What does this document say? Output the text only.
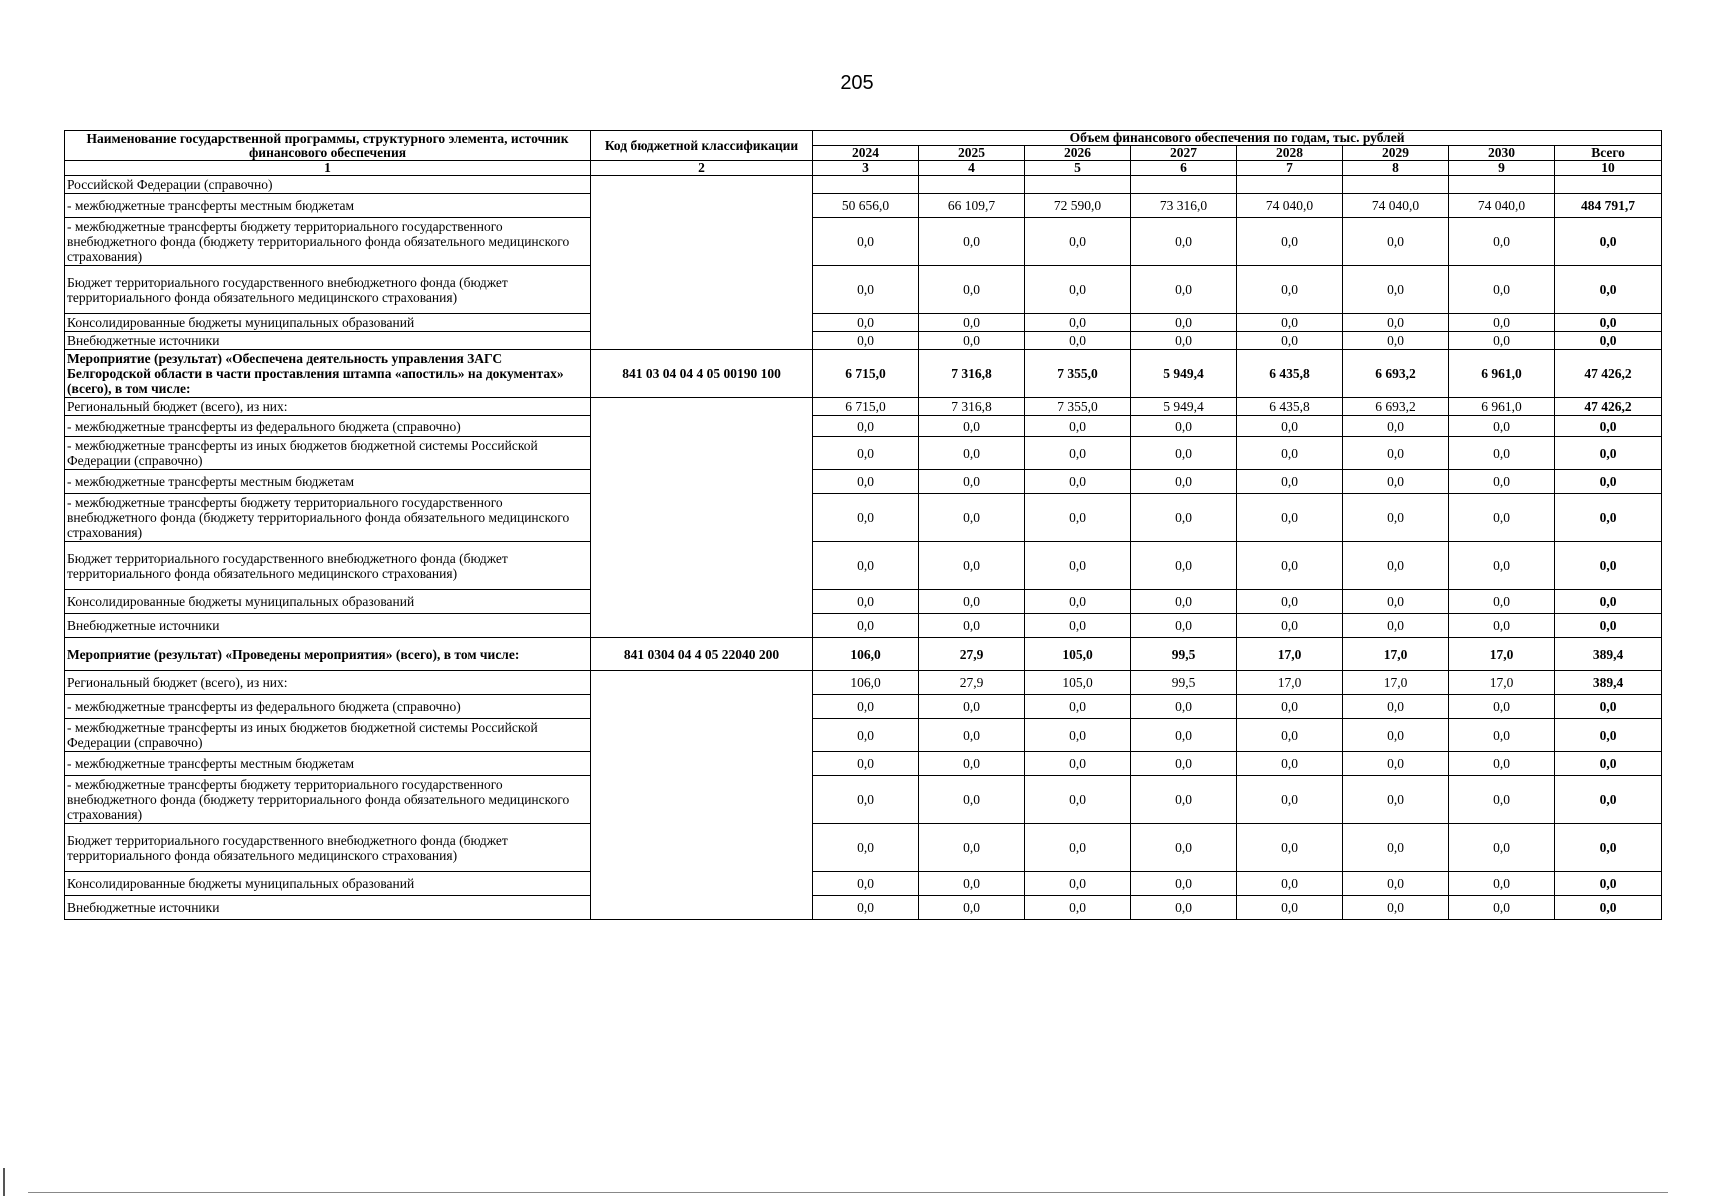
205
Наименование государственной программы, структурного элемента, источник финансового обеспечения	Код бюджетной классификации	Объем финансового обеспечения по годам, тыс. рублей							
		2024	2025	2026	2027	2028	2029	2030	Всего
1	2	3	4	5	6	7	8	9	10
Российской Федерации (справочно)									
- межбюджетные трансферты местным бюджетам		50 656,0	66 109,7	72 590,0	73 316,0	74 040,0	74 040,0	74 040,0	484 791,7
- межбюджетные трансферты бюджету территориального государственного внебюджетного фонда (бюджету территориального фонда обязательного медицинского страхования)		0,0	0,0	0,0	0,0	0,0	0,0	0,0	0,0
Бюджет территориального государственного внебюджетного фонда (бюджет территориального фонда обязательного медицинского страхования)		0,0	0,0	0,0	0,0	0,0	0,0	0,0	0,0
Консолидированные бюджеты муниципальных образований		0,0	0,0	0,0	0,0	0,0	0,0	0,0	0,0
Внебюджетные источники		0,0	0,0	0,0	0,0	0,0	0,0	0,0	0,0
Мероприятие (результат) «Обеспечена деятельность управления ЗАГС Белгородской области в части проставления штампа «апостиль» на документах» (всего), в том числе:	841 03 04 04 4 05 00190 100	6 715,0	7 316,8	7 355,0	5 949,4	6 435,8	6 693,2	6 961,0	47 426,2
Региональный бюджет (всего), из них:		6 715,0	7 316,8	7 355,0	5 949,4	6 435,8	6 693,2	6 961,0	47 426,2
- межбюджетные трансферты из федерального бюджета (справочно)		0,0	0,0	0,0	0,0	0,0	0,0	0,0	0,0
- межбюджетные трансферты из иных бюджетов бюджетной системы Российской Федерации (справочно)		0,0	0,0	0,0	0,0	0,0	0,0	0,0	0,0
- межбюджетные трансферты местным бюджетам		0,0	0,0	0,0	0,0	0,0	0,0	0,0	0,0
- межбюджетные трансферты бюджету территориального государственного внебюджетного фонда (бюджету территориального фонда обязательного медицинского страхования)		0,0	0,0	0,0	0,0	0,0	0,0	0,0	0,0
Бюджет территориального государственного внебюджетного фонда (бюджет территориального фонда обязательного медицинского страхования)		0,0	0,0	0,0	0,0	0,0	0,0	0,0	0,0
Консолидированные бюджеты муниципальных образований		0,0	0,0	0,0	0,0	0,0	0,0	0,0	0,0
Внебюджетные источники		0,0	0,0	0,0	0,0	0,0	0,0	0,0	0,0
Мероприятие (результат) «Проведены мероприятия» (всего), в том числе:	841 0304 04 4 05 22040 200	106,0	27,9	105,0	99,5	17,0	17,0	17,0	389,4
Региональный бюджет (всего), из них:		106,0	27,9	105,0	99,5	17,0	17,0	17,0	389,4
- межбюджетные трансферты из федерального бюджета (справочно)		0,0	0,0	0,0	0,0	0,0	0,0	0,0	0,0
- межбюджетные трансферты из иных бюджетов бюджетной системы Российской Федерации (справочно)		0,0	0,0	0,0	0,0	0,0	0,0	0,0	0,0
- межбюджетные трансферты местным бюджетам		0,0	0,0	0,0	0,0	0,0	0,0	0,0	0,0
- межбюджетные трансферты бюджету территориального государственного внебюджетного фонда (бюджету территориального фонда обязательного медицинского страхования)		0,0	0,0	0,0	0,0	0,0	0,0	0,0	0,0
Бюджет территориального государственного внебюджетного фонда (бюджет территориального фонда обязательного медицинского страхования)		0,0	0,0	0,0	0,0	0,0	0,0	0,0	0,0
Консолидированные бюджеты муниципальных образований		0,0	0,0	0,0	0,0	0,0	0,0	0,0	0,0
Внебюджетные источники		0,0	0,0	0,0	0,0	0,0	0,0	0,0	0,0
